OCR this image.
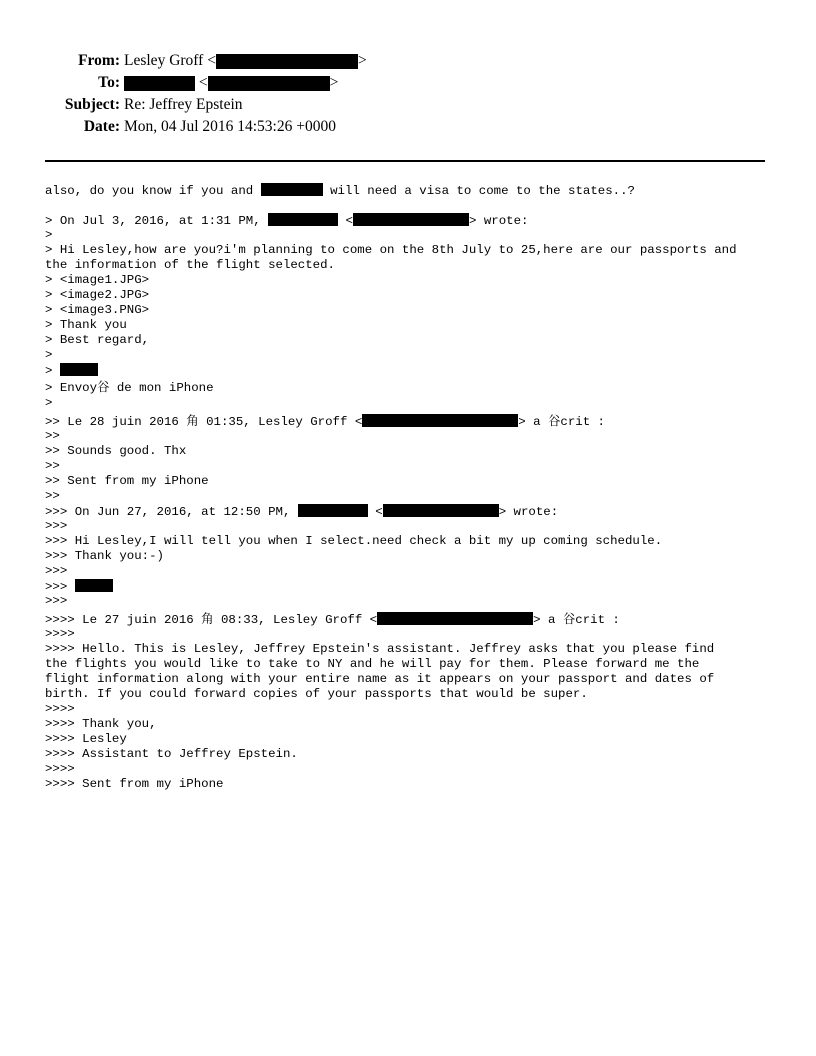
From: Lesley Groff <	>
To:	<	>
Subject: Re: Jeffrey Epstein
Date: Mon, 04 Jul 2016 14:53:26 +0000

also, do you know if you and	will need a visa to come to the states..?

> On Jul 3, 2016, at 1:31 PM,	<	> wrote:

>

> Hi Lesley,how are you?i'm planning to come on the 8th July to 25,here are our passports and

the information of the flight selected.

> <image1.JPG>

> <image2.JPG>

> <image3.PNG>

> Thank you

> Best regard,

>

>

> Envoy谷 de mon iPhone

>

>> Le 28 juin 2016 角 01:35, Lesley Groff <	> a 谷crit :

>>

>> Sounds good. Thx

>>

>> Sent from my iPhone

>>

>>> On Jun 27, 2016, at 12:50 PM,	<	> wrote:

>>>

>>> Hi Lesley,I will tell you when I select.need check a bit my up coming schedule.

>>> Thank you:-)

>>>

>>>

>>>

>>>> Le 27 juin 2016 角 08:33, Lesley Groff <	> a 谷crit :

>>>>

>>>> Hello. This is Lesley, Jeffrey Epstein's assistant. Jeffrey asks that you please find

the flights you would like to take to NY and he will pay for them. Please forward me the

flight information along with your entire name as it appears on your passport and dates of

birth. If you could forward copies of your passports that would be super.

>>>>

>>>> Thank you,

>>>> Lesley

>>>> Assistant to Jeffrey Epstein.

>>>>

>>>> Sent from my iPhone
